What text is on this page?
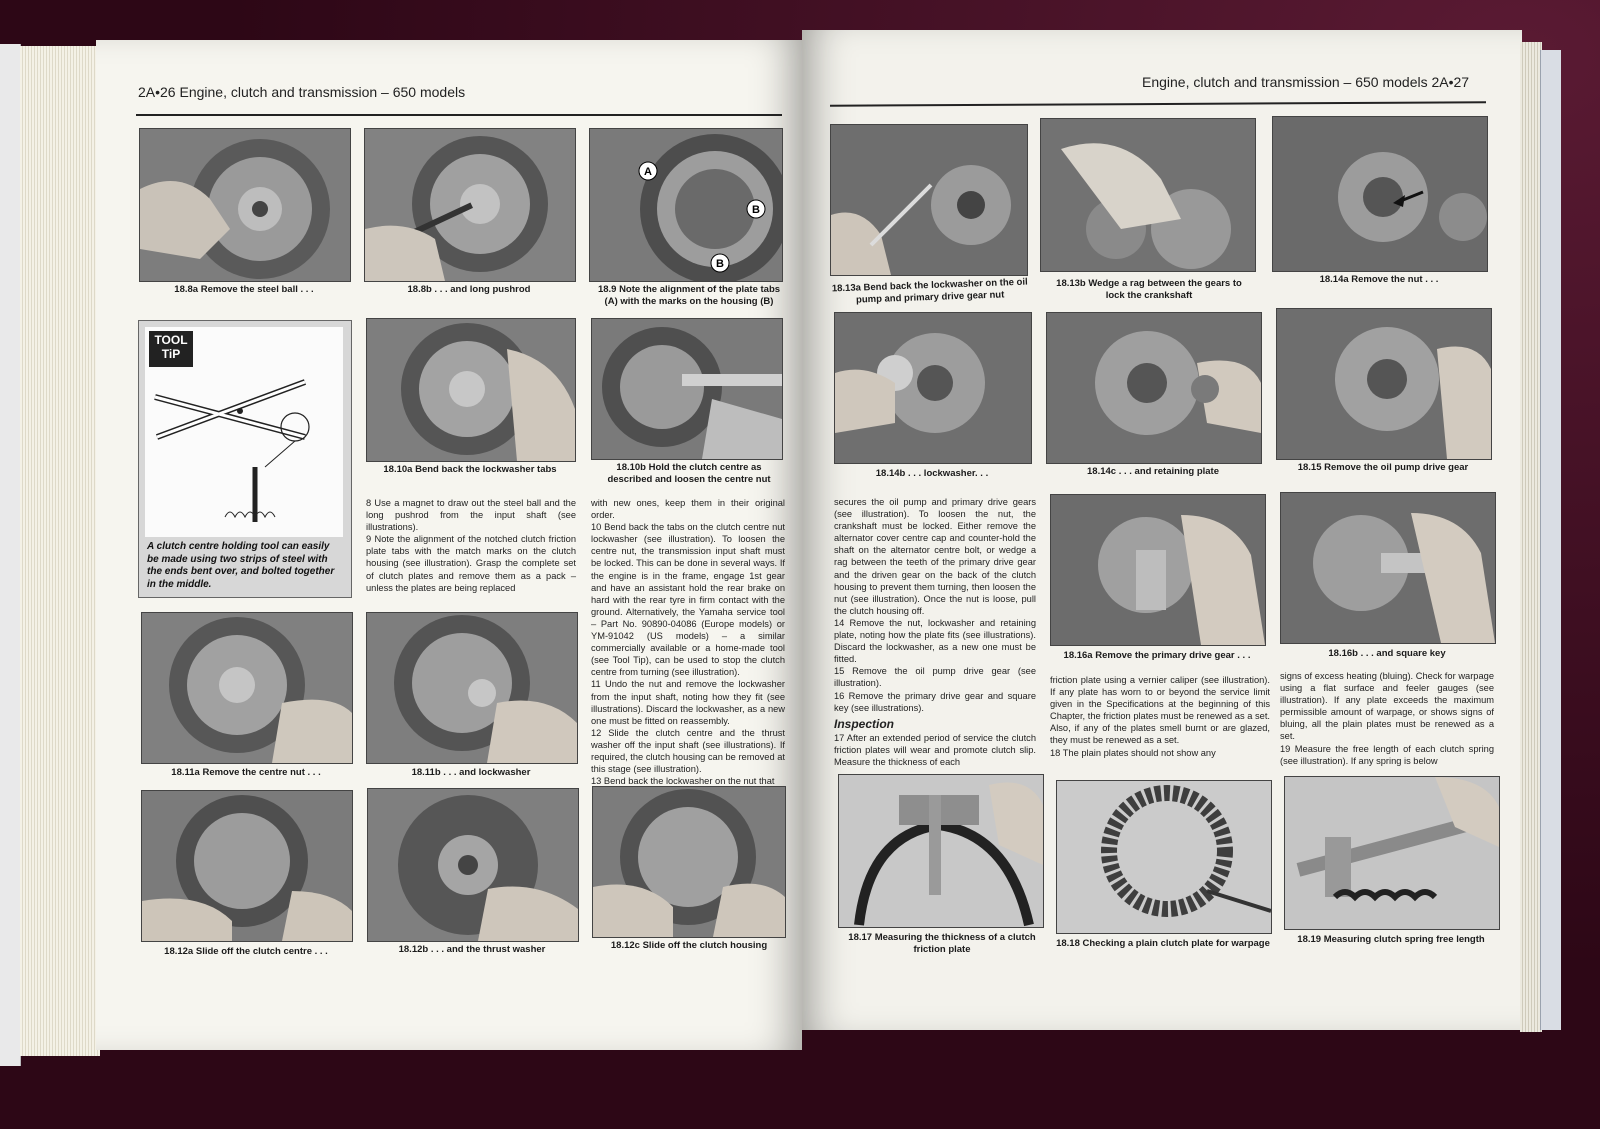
2A•26 Engine, clutch and transmission – 650 models
Engine, clutch and transmission – 650 models 2A•27
18.8a Remove the steel ball . . .	18.8b . . . and long pushrod
A
B
B
18.9 Note the alignment of the plate tabs (A) with the marks on the housing (B)
TOOL
TiP
A clutch centre holding tool can easily be made using two strips of steel with the ends bent over, and bolted together in the middle.
18.10a Bend back the lockwasher tabs	18.10b Hold the clutch centre as described and loosen the centre nut

8 Use a magnet to draw out the steel ball and the long pushrod from the input shaft (see illustrations).

9 Note the alignment of the notched clutch friction plate tabs with the match marks on the clutch housing (see illustration). Grasp the complete set of clutch plates and remove them as a pack – unless the plates are being replaced

with new ones, keep them in their original order.

10 Bend back the tabs on the clutch centre nut lockwasher (see illustration). To loosen the centre nut, the transmission input shaft must be locked. This can be done in several ways. If the engine is in the frame, engage 1st gear and have an assistant hold the rear brake on hard with the rear tyre in firm contact with the ground. Alternatively, the Yamaha service tool – Part No. 90890-04086 (Europe models) or YM-91042 (US models) – a similar commercially available or a home-made tool (see Tool Tip), can be used to stop the clutch centre from turning (see illustration).

11 Undo the nut and remove the lockwasher from the input shaft, noting how they fit (see illustrations). Discard the lockwasher, as a new one must be fitted on reassembly.

12 Slide the clutch centre and the thrust washer off the input shaft (see illustrations). If required, the clutch housing can be removed at this stage (see illustration).

13 Bend back the lockwasher on the nut that

18.11a Remove the centre nut . . .	18.11b . . . and lockwasher
18.12a Slide off the clutch centre . . .	18.12b . . . and the thrust washer	18.12c Slide off the clutch housing
18.13a Bend back the lockwasher on the oil pump and primary drive gear nut
18.13b Wedge a rag between the gears to lock the crankshaft
18.14a Remove the nut . . .
18.14b . . . lockwasher. . .	18.14c . . . and retaining plate	18.15 Remove the oil pump drive gear
18.16a Remove the primary drive gear . . .	18.16b . . . and square key

secures the oil pump and primary drive gears (see illustration). To loosen the nut, the crankshaft must be locked. Either remove the alternator cover centre cap and counter-hold the shaft on the alternator centre bolt, or wedge a rag between the teeth of the primary drive gear and the driven gear on the back of the clutch housing to prevent them turning, then loosen the nut (see illustration). Once the nut is loose, pull the clutch housing off.

14 Remove the nut, lockwasher and retaining plate, noting how the plate fits (see illustrations). Discard the lockwasher, as a new one must be fitted.

15 Remove the oil pump drive gear (see illustration).

16 Remove the primary drive gear and square key (see illustrations).

Inspection

17 After an extended period of service the clutch friction plates will wear and promote clutch slip. Measure the thickness of each

friction plate using a vernier caliper (see illustration). If any plate has worn to or beyond the service limit given in the Specifications at the beginning of this Chapter, the friction plates must be renewed as a set. Also, if any of the plates smell burnt or are glazed, they must be renewed as a set.

18 The plain plates should not show any

signs of excess heating (bluing). Check for warpage using a flat surface and feeler gauges (see illustration). If any plate exceeds the maximum permissible amount of warpage, or shows signs of bluing, all the plain plates must be renewed as a set.

19 Measure the free length of each clutch spring (see illustration). If any spring is below

18.17 Measuring the thickness of a clutch friction plate
18.18 Checking a plain clutch plate for warpage	18.19 Measuring clutch spring free length
